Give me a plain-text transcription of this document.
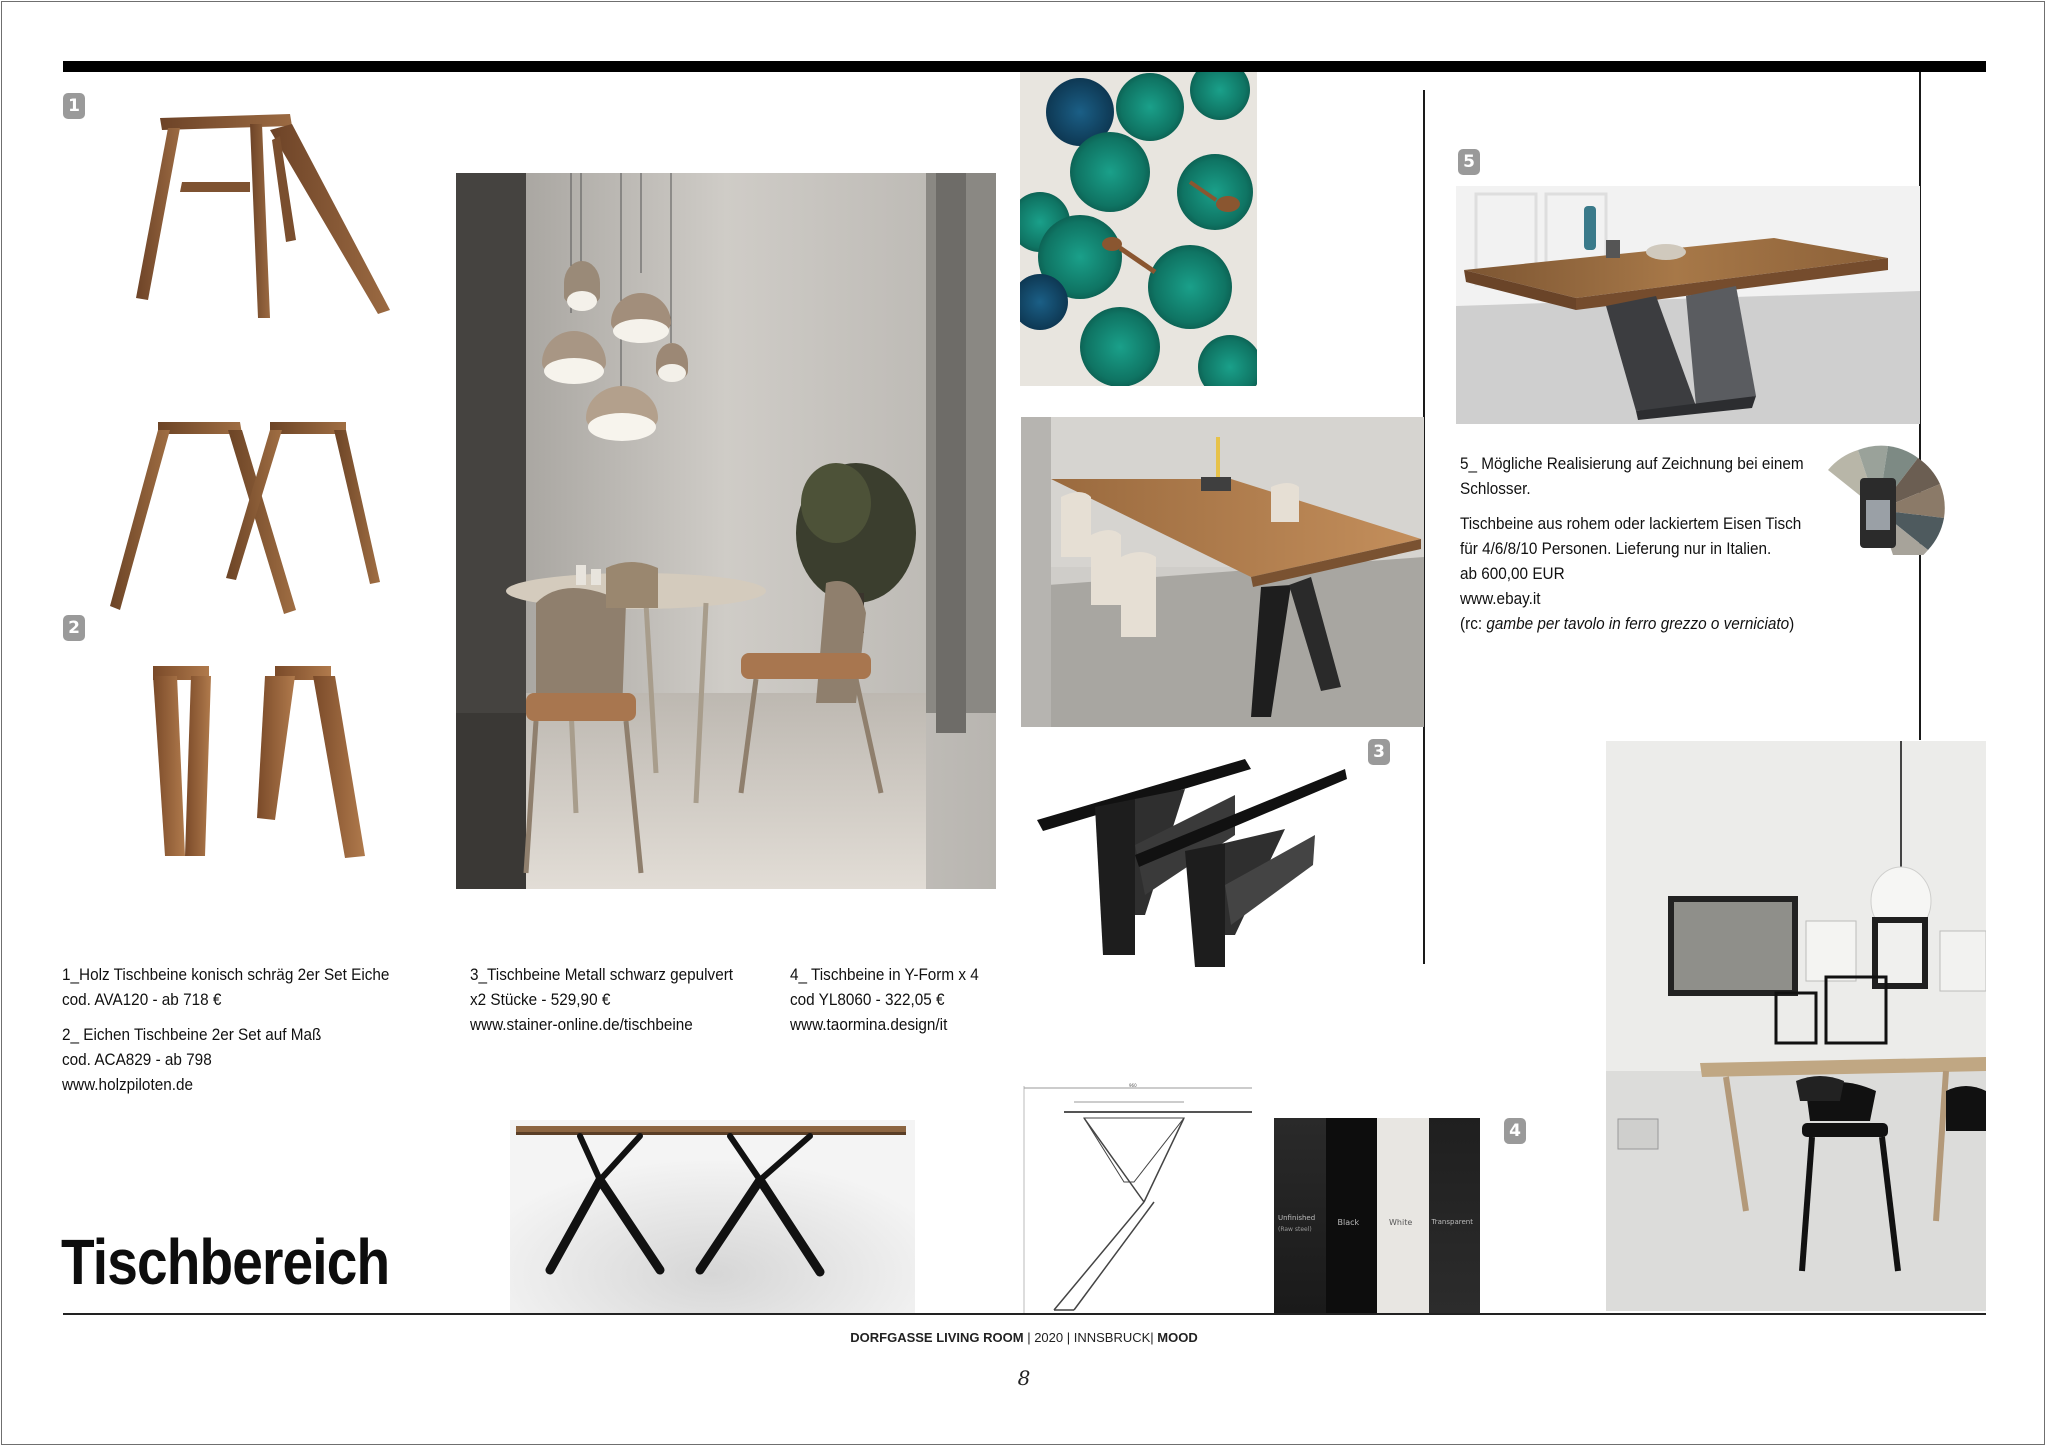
1
2
3
4
5
960
Unfinished
(Raw steel)
Black	White	Transparent

1_Holz Tischbeine konisch schräg 2er Set Eiche

cod. AVA120 - ab 718 €

2_ Eichen Tischbeine 2er Set auf Maß

cod. ACA829 - ab 798

www.holzpiloten.de

3_Tischbeine Metall schwarz gepulvert

x2 Stücke - 529,90 €

www.stainer-online.de/tischbeine

4_ Tischbeine in Y-Form x 4

cod YL8060 - 322,05 €

www.taormina.design/it

5_ Mögliche Realisierung auf Zeichnung bei einem

Schlosser.

Tischbeine aus rohem oder lackiertem Eisen Tisch

für 4/6/8/10 Personen. Lieferung nur in Italien.

ab 600,00 EUR

www.ebay.it

(rc: gambe per tavolo in ferro grezzo o verniciato)

Tischbereich
DORFGASSE LIVING ROOM | 2020 | INNSBRUCK| MOOD
8
